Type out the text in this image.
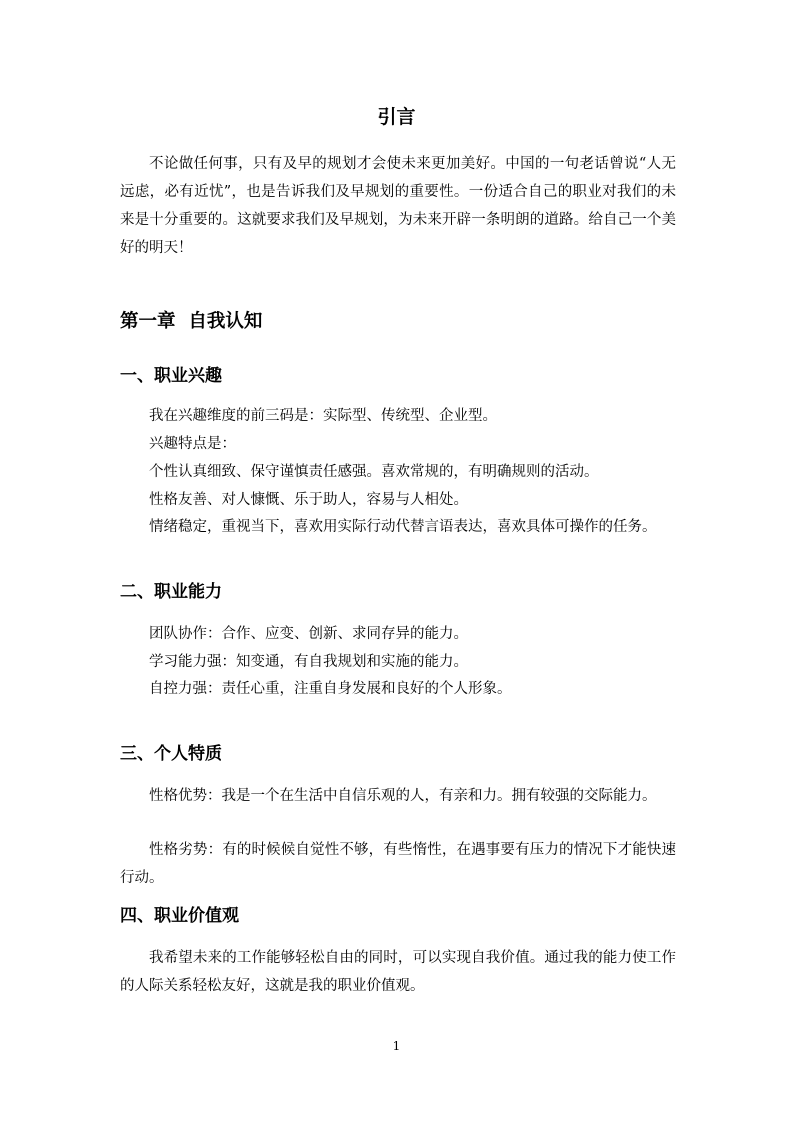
引言

不论做任何事，只有及早的规划才会使未来更加美好。中国的一句老话曾说“人无远虑，必有近忧”，也是告诉我们及早规划的重要性。一份适合自己的职业对我们的未来是十分重要的。这就要求我们及早规划，为未来开辟一条明朗的道路。给自己一个美好的明天！

第一章  自我认知
一、职业兴趣

我在兴趣维度的前三码是：实际型、传统型、企业型。

兴趣特点是：

个性认真细致、保守谨慎责任感强。喜欢常规的，有明确规则的活动。

性格友善、对人慷慨、乐于助人，容易与人相处。

情绪稳定，重视当下，喜欢用实际行动代替言语表达，喜欢具体可操作的任务。

二、职业能力

团队协作：合作、应变、创新、求同存异的能力。

学习能力强：知变通，有自我规划和实施的能力。

自控力强：责任心重，注重自身发展和良好的个人形象。

三、个人特质

性格优势：我是一个在生活中自信乐观的人，有亲和力。拥有较强的交际能力。

性格劣势：有的时候候自觉性不够，有些惰性，在遇事要有压力的情况下才能快速行动。

四、职业价值观

我希望未来的工作能够轻松自由的同时，可以实现自我价值。通过我的能力使工作的人际关系轻松友好，这就是我的职业价值观。

1
